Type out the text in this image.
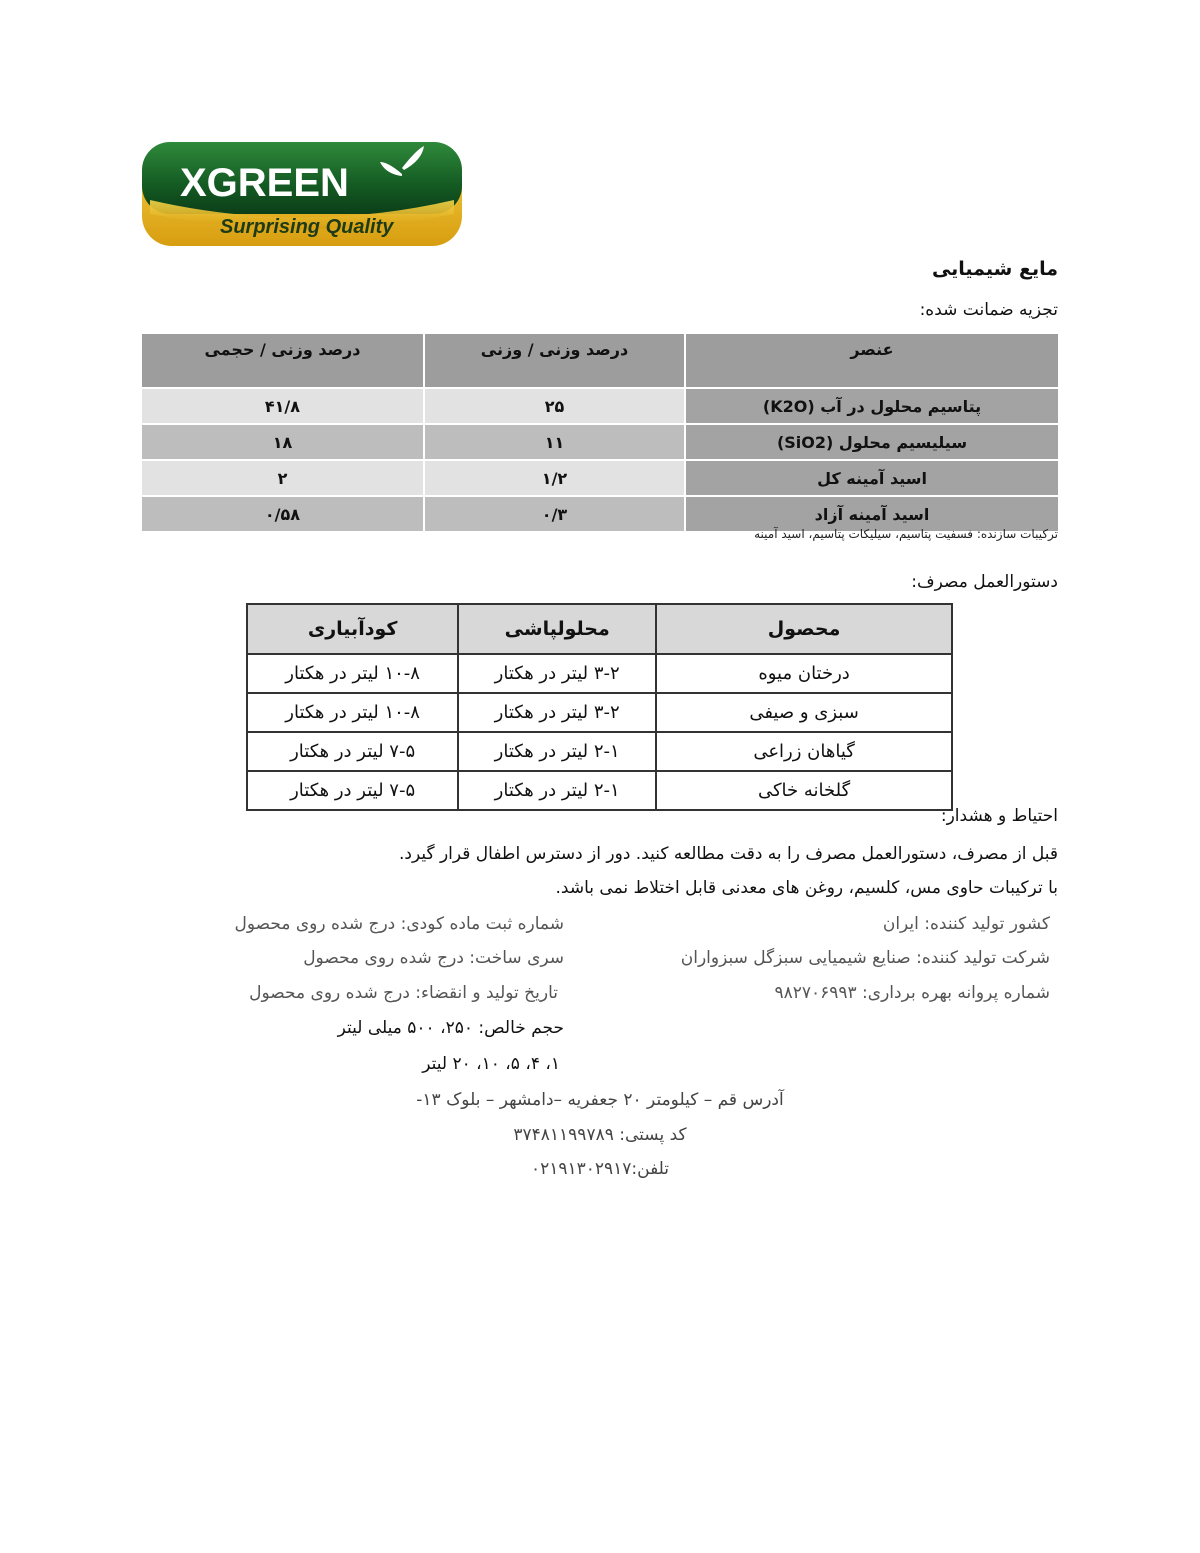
XGREEN
Surprising Quality
مایع شیمیایی
تجزیه ضمانت شده:
عنصر	درصد وزنی / وزنی	درصد وزنی / حجمی
پتاسیم محلول در آب (K2O)	۲۵	۴۱/۸
سیلیسیم محلول (SiO2)	۱۱	۱۸
اسید آمینه کل	۱/۲	۲
اسید آمینه آزاد	۰/۳	۰/۵۸
ترکیبات سازنده: فسفیت پتاسیم، سیلیکات پتاسیم، اسید آمینه
دستورالعمل مصرف:
محصول	محلولپاشی	کودآبیاری
درختان میوه	۳-۲ لیتر در هکتار	۱۰-۸ لیتر در هکتار
سبزی و صیفی	۳-۲ لیتر در هکتار	۱۰-۸ لیتر در هکتار
گیاهان زراعی	۲-۱ لیتر در هکتار	۷-۵ لیتر در هکتار
گلخانه خاکی	۲-۱ لیتر در هکتار	۷-۵ لیتر در هکتار
احتیاط و هشدار:
قبل از مصرف، دستورالعمل مصرف را به دقت مطالعه کنید. دور از دسترس اطفال قرار گیرد.
با ترکیبات حاوی مس، کلسیم، روغن های معدنی قابل اختلاط نمی باشد.
کشور تولید کننده: ایران
شرکت تولید کننده: صنایع شیمیایی سبزگل سبزواران
شماره پروانه بهره برداری: ۹۸۲۷۰۶۹۹۳
شماره ثبت ماده کودی: درج شده روی محصول
سری ساخت: درج شده روی محصول
تاریخ تولید و انقضاء: درج شده روی محصول
حجم خالص: ۲۵۰، ۵۰۰ میلی لیتر
۱، ۴، ۵، ۱۰، ۲۰ لیتر
آدرس قم – کیلومتر ۲۰ جعفریه –دامشهر – بلوک ۱۳-
کد پستی: ۳۷۴۸۱۱۹۹۷۸۹
تلفن:۰۲۱۹۱۳۰۲۹۱۷
